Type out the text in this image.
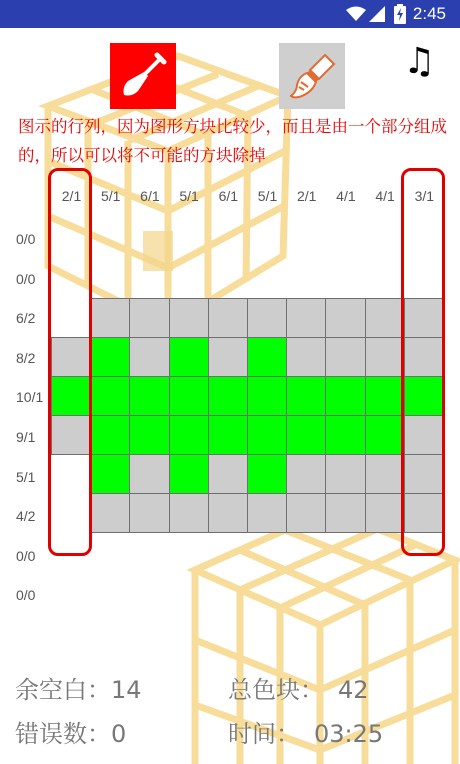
2:45
♫
图示的行列，因为图形方块比较少，而且是由一个部分组成的，所以可以将不可能的方块除掉
2/1	5/1	6/1	5/1	6/1	5/1	2/1	4/1	4/1	3/1
0/0
0/0
6/2
8/2
10/1
9/1
5/1
4/2
0/0
0/0
余空白：14	总色块： 42
错误数：0	时间： 03:25
